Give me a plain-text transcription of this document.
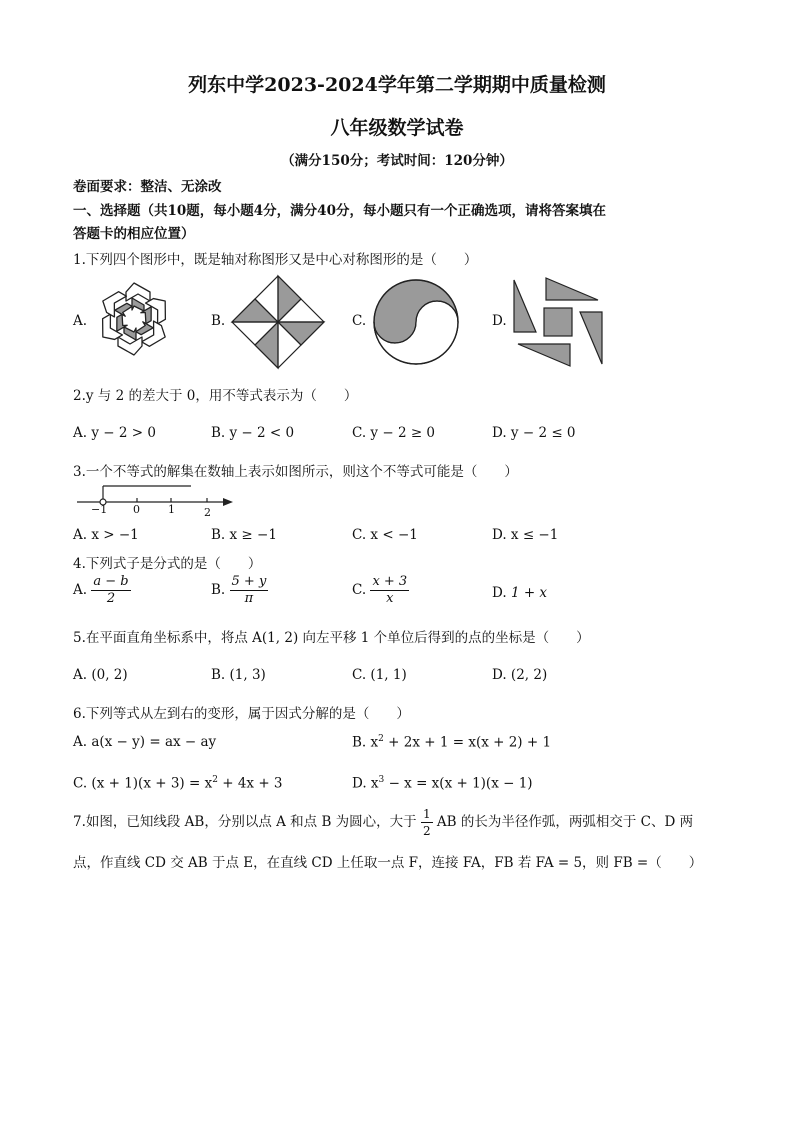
列东中学2023-2024学年第二学期期中质量检测
八年级数学试卷
（满分150分；考试时间：120分钟）
卷面要求：整洁、无涂改
一、选择题（共10题，每小题4分，满分40分，每小题只有一个正确选项，请将答案填在
答题卡的相应位置）
1.下列四个图形中，既是轴对称图形又是中心对称图形的是（　　）
A.	B.	C.	D.
2.y 与 2 的差大于 0，用不等式表示为（　　）
A. y − 2 > 0	B. y − 2 < 0	C. y − 2 ≥ 0	D. y − 2 ≤ 0
3.一个不等式的解集在数轴上表示如图所示，则这个不等式可能是（　　）
−1 0	1	2
A. x > −1	B. x ≥ −1	C. x < −1	D. x ≤ −1
4.下列式子是分式的是（　　）
A. $\frac{a - b}{2}$	B. $\frac{5 + y}{\pi}$	C. $\frac{x + 3}{x}$	D. 1 + x
5.在平面直角坐标系中，将点 A(1, 2) 向左平移 1 个单位后得到的点的坐标是（　　）
A. (0, 2)	B. (1, 3)	C. (1, 1)	D. (2, 2)
6.下列等式从左到右的变形，属于因式分解的是（　　）
A. a(x − y) = ax − ay	B. $x^2 + 2x + 1 = x(x + 2) + 1$
C. $(x + 1)(x + 3) = x^2 + 4x + 3$	D. $x^3 - x = x(x + 1)(x - 1)$
7.如图，已知线段 AB，分别以点 A 和点 B 为圆心，大于 $\frac{1}{2}$ AB 的长为半径作弧，两弧相交于 C、D 两
点，作直线 CD 交 AB 于点 E，在直线 CD 上任取一点 F，连接 FA，FB 若 FA = 5，则 FB =（　　）
